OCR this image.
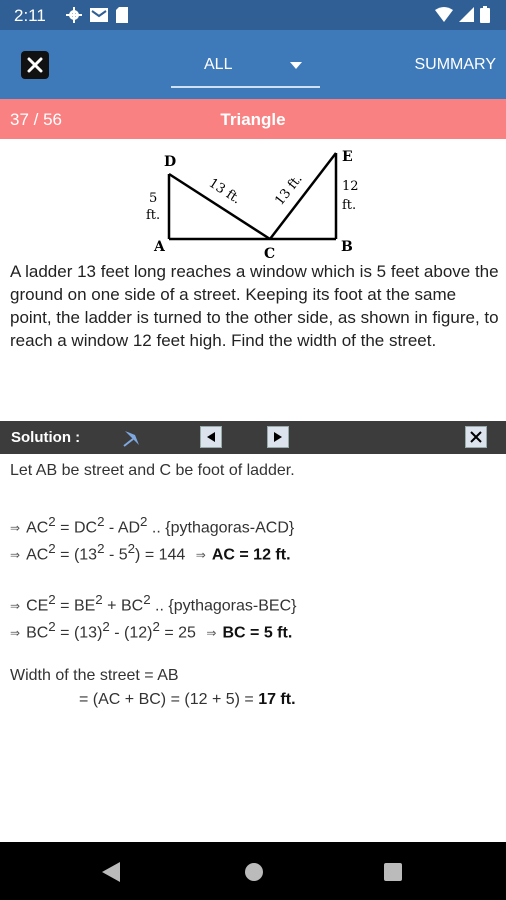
2:11
ALL	SUMMARY
Triangle
37 / 56
D	E
A	C	B
5
ft.
12
ft.
13 ft. 13 ft.
A ladder 13 feet long reaches a window which is 5 feet above the ground on one side of a street. Keeping its foot at the same point, the ladder is turned to the other side, as shown in figure, to reach a window 12 feet high. Find the width of the street.
Solution :
Let AB be street and C be foot of ladder.
⇒ $AC^2 = DC^2 - AD^2$ .. {pythagoras-ACD}
⇒ $AC^2 = (13^2 - 5^2) = 144$ ⇒ AC = 12 ft.
⇒ $CE^2 = BE^2 + BC^2$ .. {pythagoras-BEC}
⇒ $BC^2 = (13)^2 - (12)^2 = 25$ ⇒ BC = 5 ft.
Width of the street = AB
= (AC + BC) = (12 + 5) = 17 ft.
